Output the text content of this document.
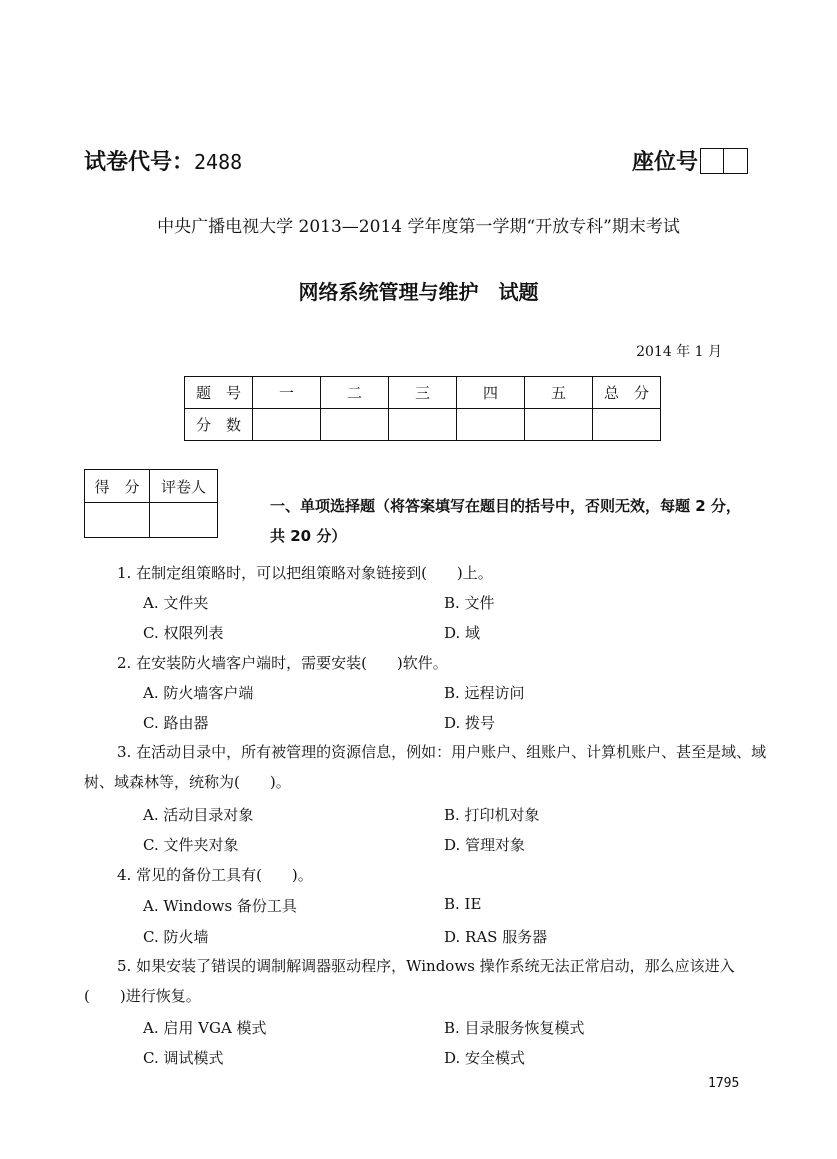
试卷代号：2488	座位号
中央广播电视大学 2013—2014 学年度第一学期“开放专科”期末考试
网络系统管理与维护　试题
2014 年 1 月
题　号	一	二	三	四	五	总　分
分　数						
得　分	评卷人

一、单项选择题（将答案填写在题目的括号中，否则无效，每题 2 分，
共 20 分）
1. 在制定组策略时，可以把组策略对象链接到(　　)上。
A. 文件夹	B. 文件
C. 权限列表	D. 域
2. 在安装防火墙客户端时，需要安装(　　)软件。
A. 防火墙客户端	B. 远程访问
C. 路由器	D. 拨号
3. 在活动目录中，所有被管理的资源信息，例如：用户账户、组账户、计算机账户、甚至是域、域树、域森林等，统称为(　　)。
A. 活动目录对象	B. 打印机对象
C. 文件夹对象	D. 管理对象
4. 常见的备份工具有(　　)。
A. Windows 备份工具	B. IE
C. 防火墙	D. RAS 服务器
5. 如果安装了错误的调制解调器驱动程序，Windows 操作系统无法正常启动，那么应该进入(　　)进行恢复。
A. 启用 VGA 模式	B. 目录服务恢复模式
C. 调试模式	D. 安全模式
1795
